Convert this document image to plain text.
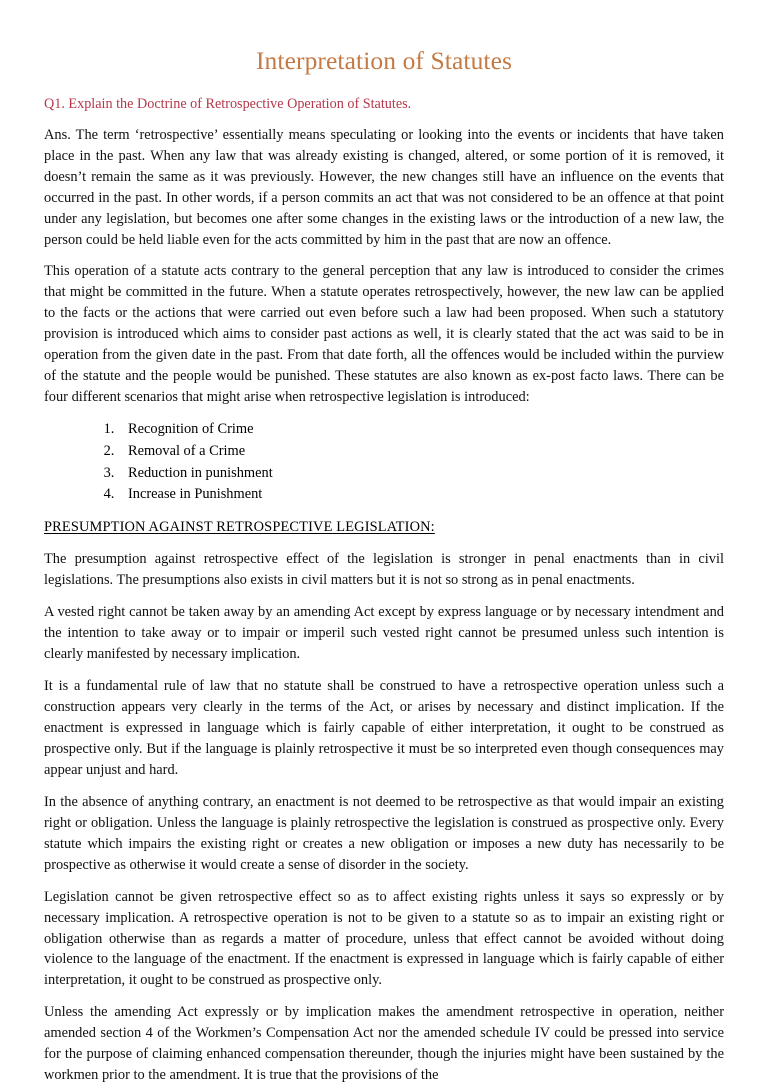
Interpretation of Statutes
Q1. Explain the Doctrine of Retrospective Operation of Statutes.

Ans. The term ‘retrospective’ essentially means speculating or looking into the events or incidents that have taken place in the past. When any law that was already existing is changed, altered, or some portion of it is removed, it doesn’t remain the same as it was previously. However, the new changes still have an influence on the events that occurred in the past. In other words, if a person commits an act that was not considered to be an offence at that point under any legislation, but becomes one after some changes in the existing laws or the introduction of a new law, the person could be held liable even for the acts committed by him in the past that are now an offence.

This operation of a statute acts contrary to the general perception that any law is introduced to consider the crimes that might be committed in the future. When a statute operates retrospectively, however, the new law can be applied to the facts or the actions that were carried out even before such a law had been proposed. When such a statutory provision is introduced which aims to consider past actions as well, it is clearly stated that the act was said to be in operation from the given date in the past. From that date forth, all the offences would be included within the purview of the statute and the people would be punished. These statutes are also known as ex-post facto laws. There can be four different scenarios that might arise when retrospective legislation is introduced:

1. Recognition of Crime
2. Removal of a Crime
3. Reduction in punishment
4. Increase in Punishment
PRESUMPTION AGAINST RETROSPECTIVE LEGISLATION:

The presumption against retrospective effect of the legislation is stronger in penal enactments than in civil legislations. The presumptions also exists in civil matters but it is not so strong as in penal enactments.

A vested right cannot be taken away by an amending Act except by express language or by necessary intendment and the intention to take away or to impair or imperil such vested right cannot be presumed unless such intention is clearly manifested by necessary implication.

It is a fundamental rule of law that no statute shall be construed to have a retrospective operation unless such a construction appears very clearly in the terms of the Act, or arises by necessary and distinct implication. If the enactment is expressed in language which is fairly capable of either interpretation, it ought to be construed as prospective only. But if the language is plainly retrospective it must be so interpreted even though consequences may appear unjust and hard.

In the absence of anything contrary, an enactment is not deemed to be retrospective as that would impair an existing right or obligation. Unless the language is plainly retrospective the legislation is construed as prospective only. Every statute which impairs the existing right or creates a new obligation or imposes a new duty has necessarily to be prospective as otherwise it would create a sense of disorder in the society.

Legislation cannot be given retrospective effect so as to affect existing rights unless it says so expressly or by necessary implication. A retrospective operation is not to be given to a statute so as to impair an existing right or obligation otherwise than as regards a matter of procedure, unless that effect cannot be avoided without doing violence to the language of the enactment. If the enactment is expressed in language which is fairly capable of either interpretation, it ought to be construed as prospective only.

Unless the amending Act expressly or by implication makes the amendment retrospective in operation, neither amended section 4 of the Workmen’s Compensation Act nor the amended schedule IV could be pressed into service for the purpose of claiming enhanced compensation thereunder, though the injuries might have been sustained by the workmen prior to the amendment. It is true that the provisions of the
